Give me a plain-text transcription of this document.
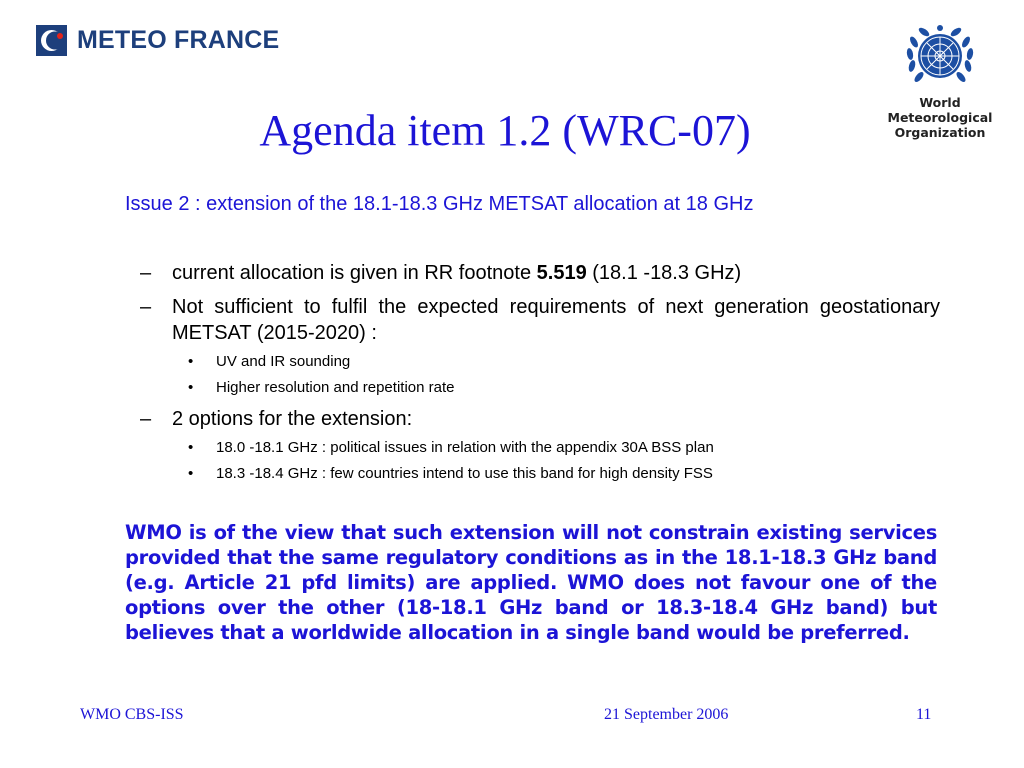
METEO FRANCE
World
Meteorological
Organization
Agenda item 1.2 (WRC-07)
Issue 2 : extension of the 18.1-18.3 GHz METSAT allocation at 18 GHz
– current allocation is given in RR footnote 5.519 (18.1 -18.3 GHz)
– Not sufficient to fulfil the expected requirements of next generation geostationary METSAT (2015-2020) :
• UV and IR sounding
• Higher resolution and repetition rate
– 2 options for the extension:
• 18.0 -18.1 GHz : political issues in relation with the appendix 30A BSS plan
• 18.3 -18.4 GHz : few countries intend to use this band for high density FSS
WMO is of the view that such extension will not constrain existing services provided that the same regulatory conditions as in the 18.1-18.3 GHz band (e.g. Article 21 pfd limits) are applied. WMO does not favour one of the options over the other (18-18.1 GHz band or 18.3-18.4 GHz band) but believes that a worldwide allocation in a single band would be preferred.
WMO CBS-ISS	21 September 2006	11
